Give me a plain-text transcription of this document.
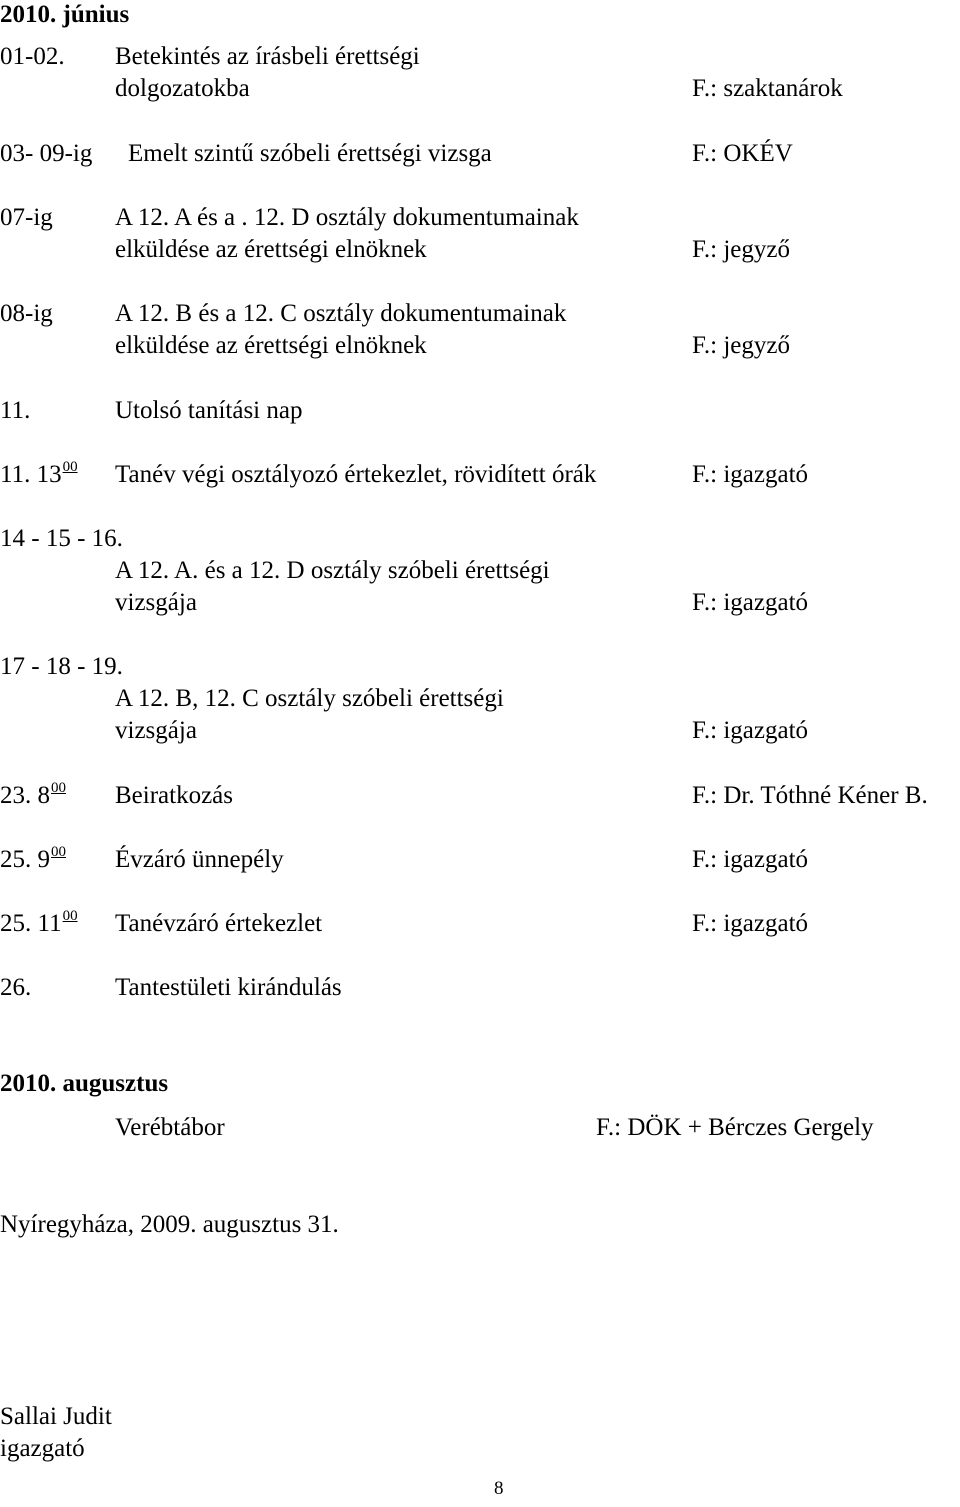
2010. június
01-02. Betekintés az írásbeli érettségi
dolgozatokba	F.: szaktanárok
03- 09-ig Emelt szintű szóbeli érettségi vizsga	F.: OKÉV
07-ig A 12. A és a . 12. D osztály dokumentumainak
elküldése az érettségi elnöknek	F.: jegyző
08-ig A 12. B és a 12. C osztály dokumentumainak
elküldése az érettségi elnöknek	F.: jegyző
11.	Utolsó tanítási nap
11. $13^{00}$ Tanév végi osztályozó értekezlet, rövidített órák	F.: igazgató
14 - 15 - 16.
A 12. A. és a 12. D osztály szóbeli érettségi
vizsgája	F.: igazgató
17 - 18 - 19.
A 12. B, 12. C osztály szóbeli érettségi
vizsgája	F.: igazgató
23. $8^{00}$ Beiratkozás	F.: Dr. Tóthné Kéner B.
25. $9^{00}$ Évzáró ünnepély	F.: igazgató
25. $11^{00}$ Tanévzáró értekezlet	F.: igazgató
26.	Tantestületi kirándulás
2010. augusztus
Verébtábor	F.: DÖK + Bérczes Gergely
Nyíregyháza, 2009. augusztus 31.
Sallai Judit
igazgató
8
